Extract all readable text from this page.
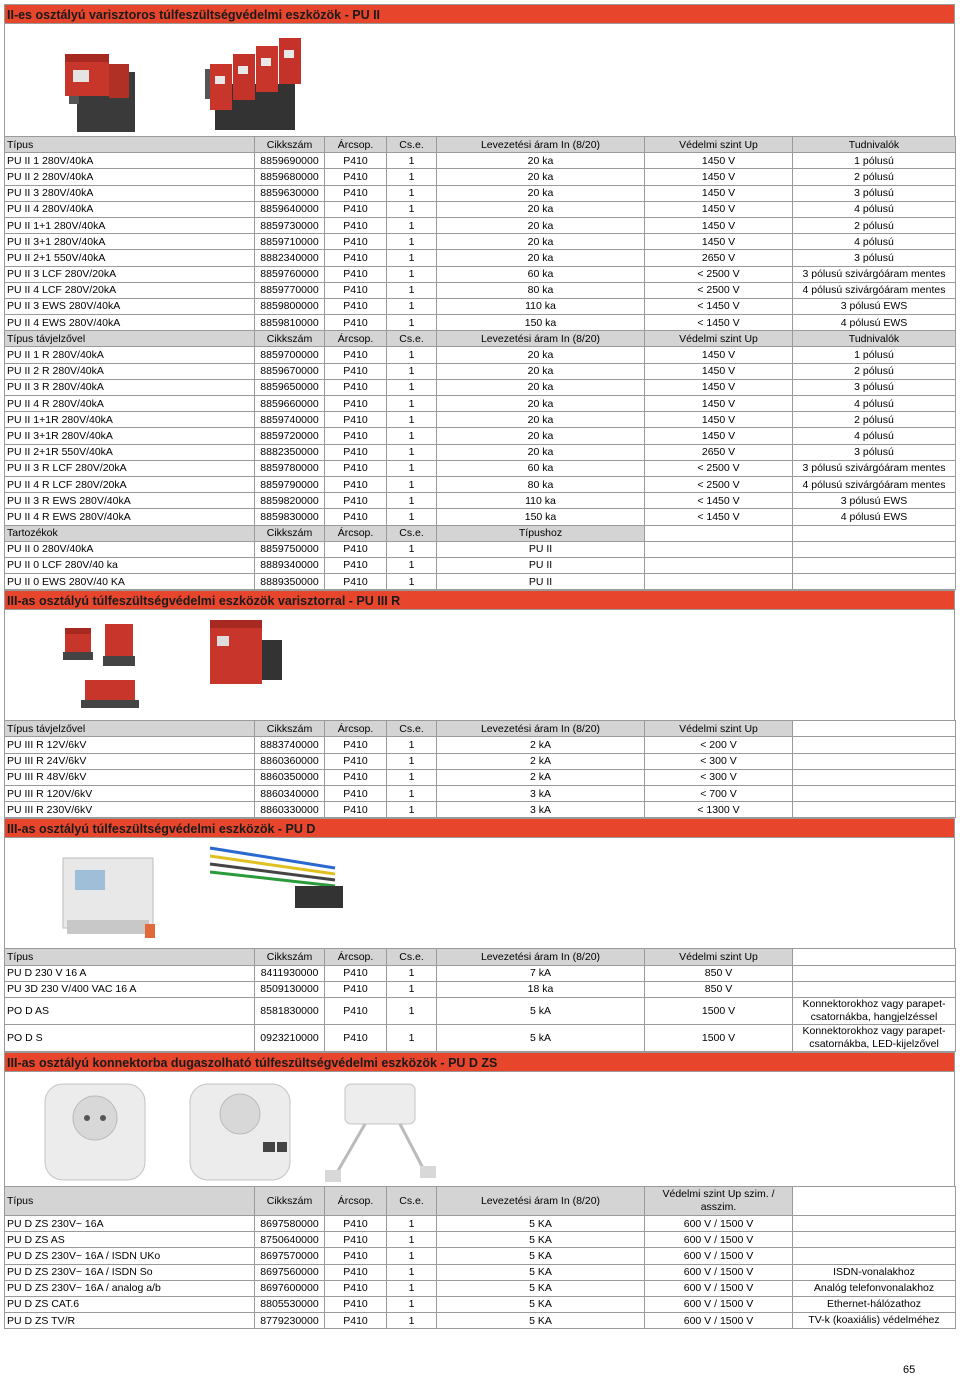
II-es osztályú varisztoros túlfeszültségvédelmi eszközök - PU II
Típus	Cikkszám	Árcsop.	Cs.e.	Levezetési áram In (8/20)	Védelmi szint Up	Tudnivalók
PU II 1 280V/40kA	8859690000	P410	1	20 ka	1450 V	1 pólusú
PU II 2 280V/40kA	8859680000	P410	1	20 ka	1450 V	2 pólusú
PU II 3 280V/40kA	8859630000	P410	1	20 ka	1450 V	3 pólusú
PU II 4 280V/40kA	8859640000	P410	1	20 ka	1450 V	4 pólusú
PU II 1+1 280V/40kA	8859730000	P410	1	20 ka	1450 V	2 pólusú
PU II 3+1 280V/40kA	8859710000	P410	1	20 ka	1450 V	4 pólusú
PU II 2+1 550V/40kA	8882340000	P410	1	20 ka	2650 V	3 pólusú
PU II 3 LCF 280V/20kA	8859760000	P410	1	60 ka	< 2500 V	3 pólusú szivárgóáram mentes
PU II 4 LCF 280V/20kA	8859770000	P410	1	80 ka	< 2500 V	4 pólusú szivárgóáram mentes
PU II 3 EWS 280V/40kA	8859800000	P410	1	110 ka	< 1450 V	3 pólusú EWS
PU II 4 EWS 280V/40kA	8859810000	P410	1	150 ka	< 1450 V	4 pólusú EWS
Típus távjelzővel	Cikkszám	Árcsop.	Cs.e.	Levezetési áram In (8/20)	Védelmi szint Up	Tudnivalók
PU II 1 R 280V/40kA	8859700000	P410	1	20 ka	1450 V	1 pólusú
PU II 2 R 280V/40kA	8859670000	P410	1	20 ka	1450 V	2 pólusú
PU II 3 R 280V/40kA	8859650000	P410	1	20 ka	1450 V	3 pólusú
PU II 4 R 280V/40kA	8859660000	P410	1	20 ka	1450 V	4 pólusú
PU II 1+1R 280V/40kA	8859740000	P410	1	20 ka	1450 V	2 pólusú
PU II 3+1R 280V/40kA	8859720000	P410	1	20 ka	1450 V	4 pólusú
PU II 2+1R 550V/40kA	8882350000	P410	1	20 ka	2650 V	3 pólusú
PU II 3 R LCF 280V/20kA	8859780000	P410	1	60 ka	< 2500 V	3 pólusú szivárgóáram mentes
PU II 4 R LCF 280V/20kA	8859790000	P410	1	80 ka	< 2500 V	4 pólusú szivárgóáram mentes
PU II 3 R EWS 280V/40kA	8859820000	P410	1	110 ka	< 1450 V	3 pólusú EWS
PU II 4 R EWS 280V/40kA	8859830000	P410	1	150 ka	< 1450 V	4 pólusú EWS
Tartozékok	Cikkszám	Árcsop.	Cs.e.	Típushoz		
PU II 0 280V/40kA	8859750000	P410	1	PU II		
PU II 0 LCF 280V/40 ka	8889340000	P410	1	PU II		
PU II 0 EWS 280V/40 KA	8889350000	P410	1	PU II		
III-as osztályú túlfeszültségvédelmi eszközök varisztorral - PU III R
Típus távjelzővel	Cikkszám	Árcsop.	Cs.e.	Levezetési áram In (8/20)	Védelmi szint Up	
PU III R 12V/6kV	8883740000	P410	1	2 kA	< 200 V	
PU III R 24V/6kV	8860360000	P410	1	2 kA	< 300 V	
PU III R 48V/6kV	8860350000	P410	1	2 kA	< 300 V	
PU III R 120V/6kV	8860340000	P410	1	3 kA	< 700 V	
PU III R 230V/6kV	8860330000	P410	1	3 kA	< 1300 V	
III-as osztályú túlfeszültségvédelmi eszközök - PU D
Típus	Cikkszám	Árcsop.	Cs.e.	Levezetési áram In (8/20)	Védelmi szint Up	
PU D 230 V 16 A	8411930000	P410	1	7 kA	850 V	
PU 3D 230 V/400 VAC 16 A	8509130000	P410	1	18 ka	850 V	
PO D AS	8581830000	P410	1	5 kA	1500 V	Konnektorokhoz vagy parapet-csatornákba, hangjelzéssel
PO D S	0923210000	P410	1	5 kA	1500 V	Konnektorokhoz vagy parapet-csatornákba, LED-kijelzővel
III-as osztályú konnektorba dugaszolható túlfeszültségvédelmi eszközök - PU D ZS
Típus	Cikkszám	Árcsop.	Cs.e.	Levezetési áram In (8/20)	Védelmi szint Up szim. / asszim.	
PU D ZS 230V~ 16A	8697580000	P410	1	5 KA	600 V / 1500 V	
PU D ZS AS	8750640000	P410	1	5 KA	600 V / 1500 V	
PU D ZS 230V~ 16A / ISDN UKo	8697570000	P410	1	5 KA	600 V / 1500 V	
PU D ZS 230V~ 16A / ISDN So	8697560000	P410	1	5 KA	600 V / 1500 V	ISDN-vonalakhoz
PU D ZS 230V~ 16A / analog a/b	8697600000	P410	1	5 KA	600 V / 1500 V	Analóg telefonvonalakhoz
PU D ZS CAT.6	8805530000	P410	1	5 KA	600 V / 1500 V	Ethernet-hálózathoz
PU D ZS TV/R	8779230000	P410	1	5 KA	600 V / 1500 V	TV-k (koaxiális) védelméhez
65
